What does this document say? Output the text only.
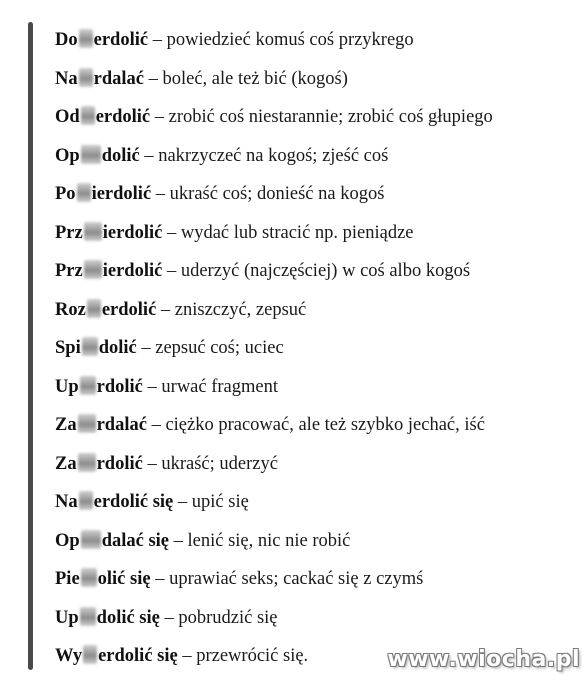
Do erdolić – powiedzieć komuś coś przykrego
Na rdalać – boleć, ale też bić (kogoś)
Od erdolić – zrobić coś niestarannie; zrobić coś głupiego
Op dolić – nakrzyczeć na kogoś; zjeść coś
Po ierdolić – ukraść coś; donieść na kogoś
Prz ierdolić – wydać lub stracić np. pieniądze
Prz ierdolić – uderzyć (najczęściej) w coś albo kogoś
Roz erdolić – zniszczyć, zepsuć
Spi dolić – zepsuć coś; uciec
Up rdolić – urwać fragment
Za rdalać – ciężko pracować, ale też szybko jechać, iść
Za rdolić – ukraść; uderzyć
Na erdolić się – upić się
Op dalać się – lenić się, nic nie robić
Pie olić się – uprawiać seks; cackać się z czymś
Up dolić się – pobrudzić się
Wy erdolić się – przewrócić się.	www.wiocha.pl
